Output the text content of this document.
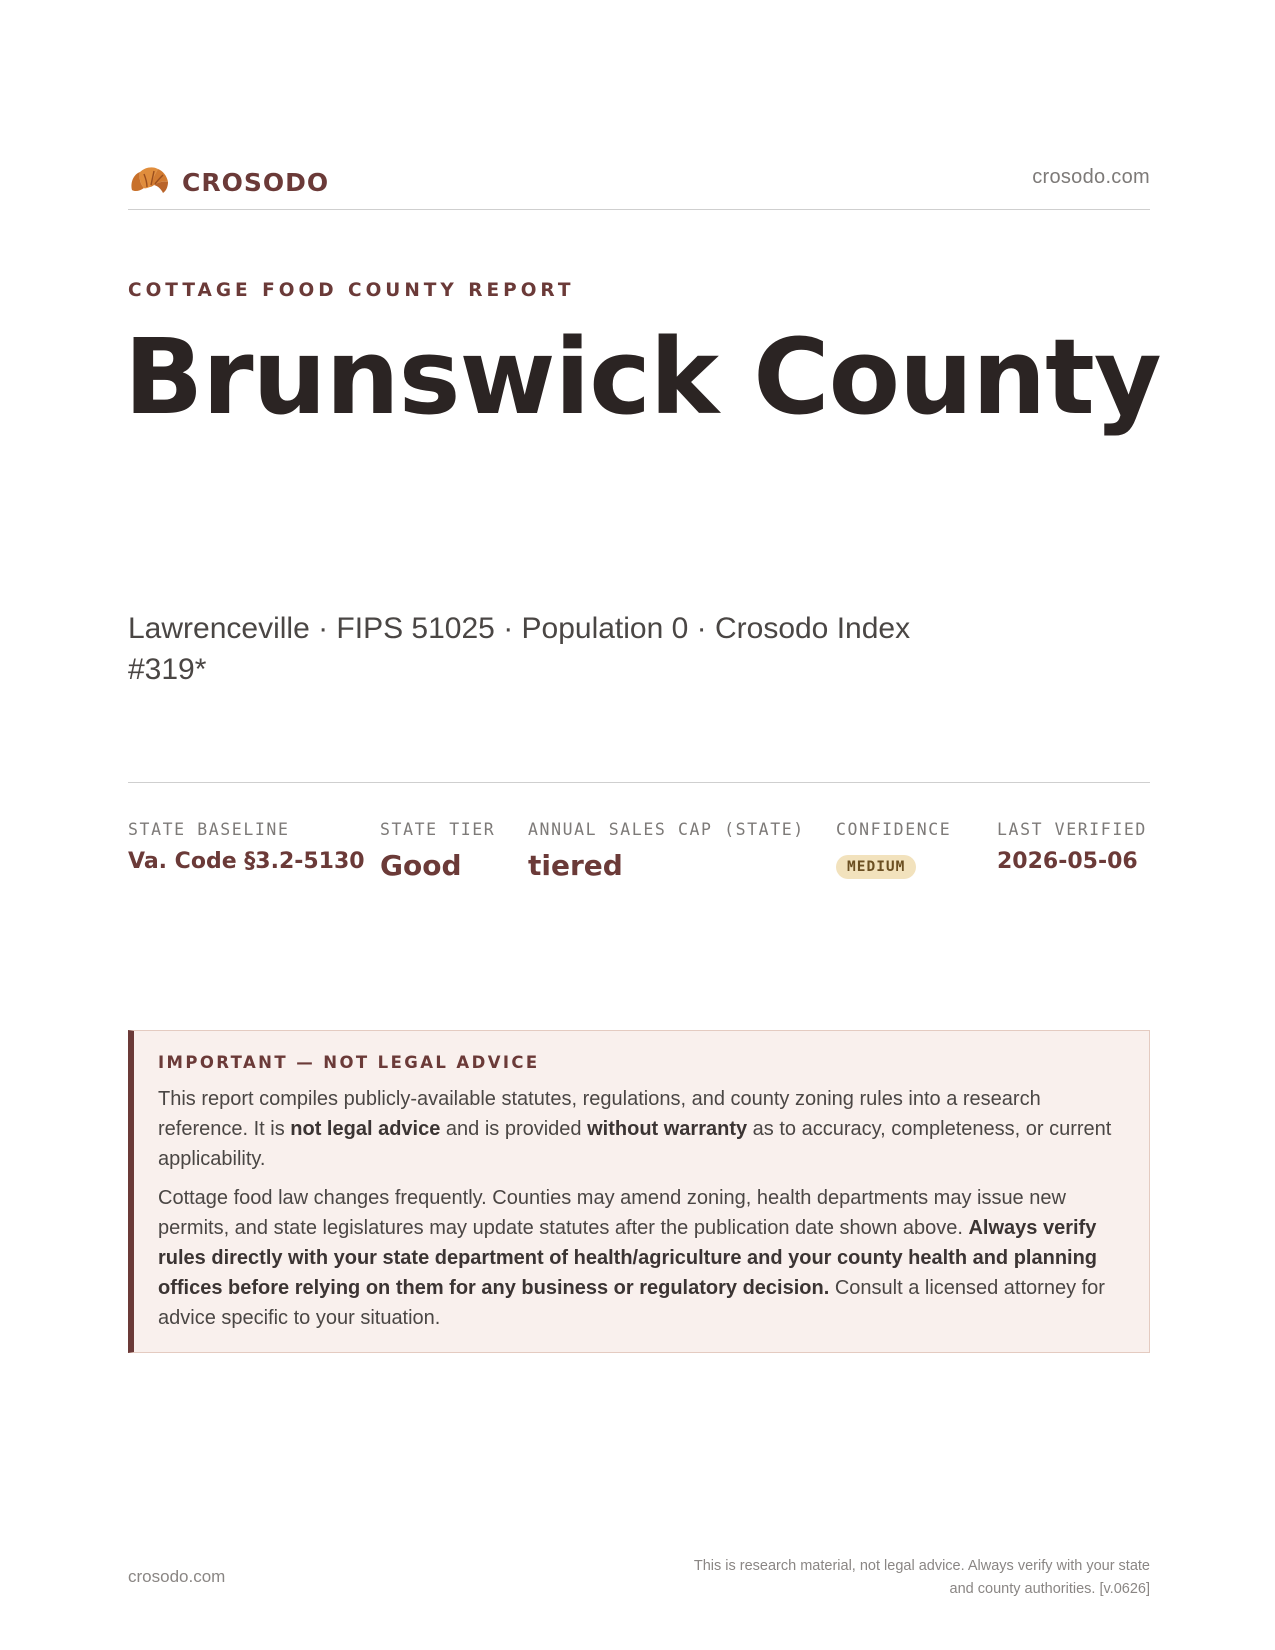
CROSODO	crosodo.com
COTTAGE FOOD COUNTY REPORT
Brunswick County
Lawrenceville · FIPS 51025 · Population 0 · Crosodo Index #319*
STATE BASELINE
Va. Code §3.2-5130
STATE TIER
Good
ANNUAL SALES CAP (STATE)
tiered
CONFIDENCE
MEDIUM
LAST VERIFIED
2026-05-06
IMPORTANT — NOT LEGAL ADVICE

This report compiles publicly-available statutes, regulations, and county zoning rules into a research reference. It is not legal advice and is provided without warranty as to accuracy, completeness, or current applicability.

Cottage food law changes frequently. Counties may amend zoning, health departments may issue new permits, and state legislatures may update statutes after the publication date shown above. Always verify rules directly with your state department of health/agriculture and your county health and planning offices before relying on them for any business or regulatory decision. Consult a licensed attorney for advice specific to your situation.

crosodo.com
This is research material, not legal advice. Always verify with your state
and county authorities. [v.0626]
